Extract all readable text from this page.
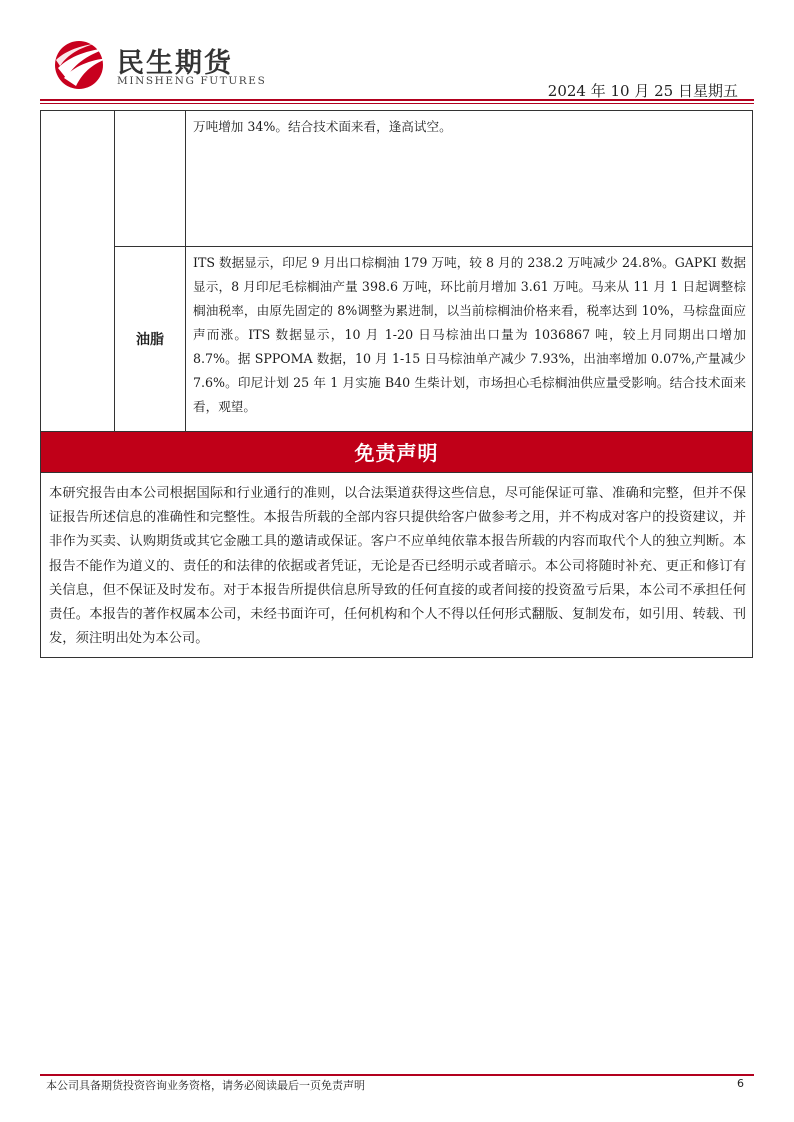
民生期货
MINSHENG FUTURES
2024 年 10 月 25 日星期五
		万吨增加 34%。结合技术面来看，逢高试空。
	油脂	ITS 数据显示，印尼 9 月出口棕榈油 179 万吨，较 8 月的 238.2 万吨减少 24.8%。GAPKI 数据显示，8 月印尼毛棕榈油产量 398.6 万吨，环比前月增加 3.61 万吨。马来从 11 月 1 日起调整棕榈油税率，由原先固定的 8%调整为累进制，以当前棕榈油价格来看，税率达到 10%，马棕盘面应声而涨。ITS 数据显示，10 月 1-20 日马棕油出口量为 1036867 吨，较上月同期出口增加 8.7%。据 SPPOMA 数据，10 月 1-15 日马棕油单产减少 7.93%，出油率增加 0.07%,产量减少 7.6%。印尼计划 25 年 1 月实施 B40 生柴计划，市场担心毛棕榈油供应量受影响。结合技术面来看，观望。
免责声明
本研究报告由本公司根据国际和行业通行的准则，以合法渠道获得这些信息，尽可能保证可靠、准确和完整，但并不保证报告所述信息的准确性和完整性。本报告所载的全部内容只提供给客户做参考之用，并不构成对客户的投资建议，并非作为买卖、认购期货或其它金融工具的邀请或保证。客户不应单纯依靠本报告所载的内容而取代个人的独立判断。本报告不能作为道义的、责任的和法律的依据或者凭证，无论是否已经明示或者暗示。本公司将随时补充、更正和修订有关信息，但不保证及时发布。对于本报告所提供信息所导致的任何直接的或者间接的投资盈亏后果，本公司不承担任何责任。本报告的著作权属本公司，未经书面许可，任何机构和个人不得以任何形式翻版、复制发布，如引用、转载、刊发，须注明出处为本公司。
本公司具备期货投资咨询业务资格，请务必阅读最后一页免责声明	6
